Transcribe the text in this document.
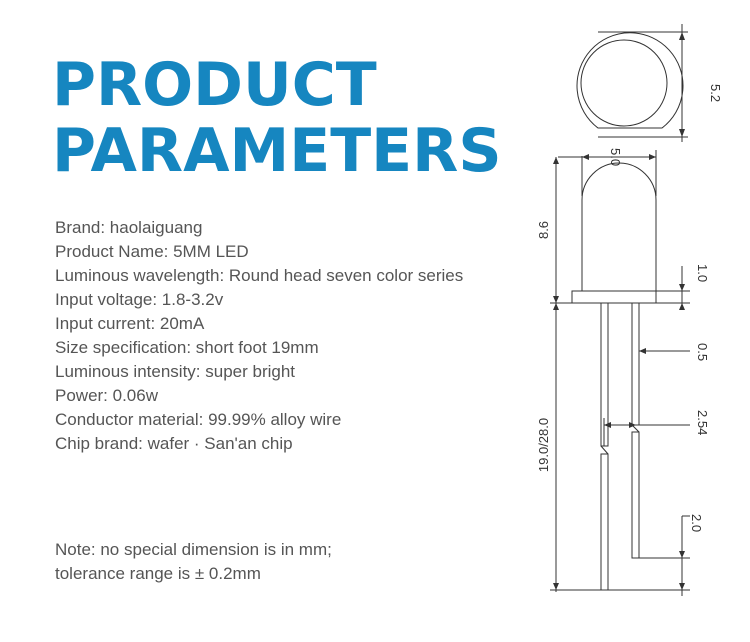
PRODUCT
PARAMETERS
Brand: haolaiguang
Product Name: 5MM LED
Luminous wavelength: Round head seven color series
Input voltage: 1.8-3.2v
Input current: 20mA
Size specification: short foot 19mm
Luminous intensity: super bright
Power: 0.06w
Conductor material: 99.99% alloy wire
Chip brand: wafer · San'an chip
Note: no special dimension is in mm;
tolerance range is ± 0.2mm
5.2
5.0
8.6
1.0
0.5
19.0/28.0	2.54
2.0
